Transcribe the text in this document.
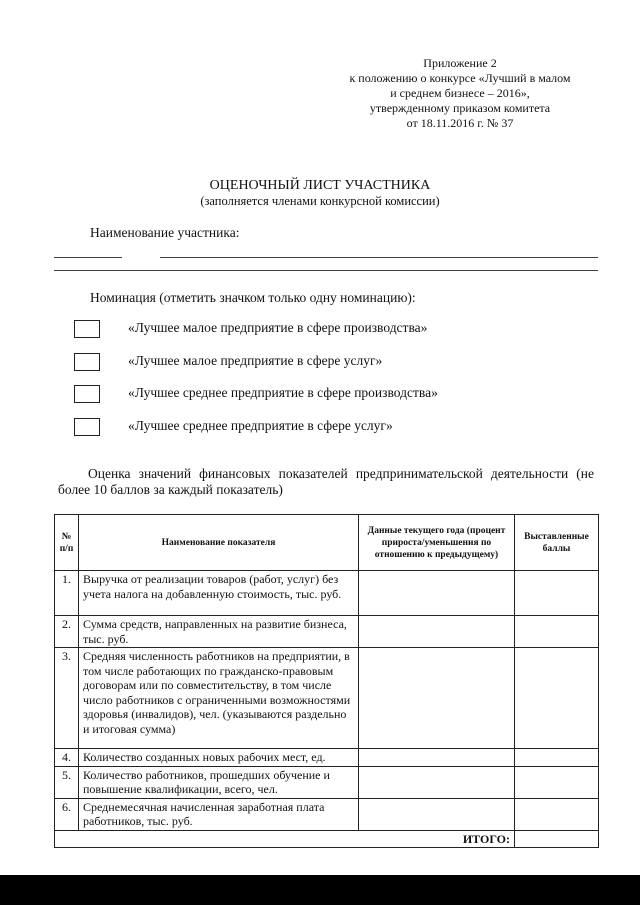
Приложение 2
к положению о конкурсе «Лучший в малом
и среднем бизнесе – 2016»,
утвержденному приказом комитета
от 18.11.2016 г. № 37
ОЦЕНОЧНЫЙ ЛИСТ УЧАСТНИКА
(заполняется членами конкурсной комиссии)
Наименование участника:
Номинация (отметить значком только одну номинацию):
«Лучшее малое предприятие в сфере производства»
«Лучшее малое предприятие в сфере услуг»
«Лучшее среднее предприятие в сфере производства»
«Лучшее среднее предприятие в сфере услуг»
Оценка значений финансовых показателей предпринимательской деятельности (не более 10 баллов за каждый показатель)
№ п/п	Наименование показателя	Данные текущего года (процент прироста/уменьшения по отношению к предыдущему)	Выставленные баллы
1.	Выручка от реализации товаров (работ, услуг) без учета налога на добавленную стоимость, тыс. руб.		
2.	Сумма средств, направленных на развитие бизнеса, тыс. руб.		
3.	Средняя численность работников на предприятии, в том числе работающих по гражданско-правовым договорам или по совместительству, в том числе число работников с ограниченными возможностями здоровья (инвалидов), чел. (указываются раздельно и итоговая сумма)		
4.	Количество созданных новых рабочих мест, ед.		
5.	Количество работников, прошедших обучение и повышение квалификации, всего, чел.		
6.	Среднемесячная начисленная заработная плата работников, тыс. руб.		
ИТОГО:			
